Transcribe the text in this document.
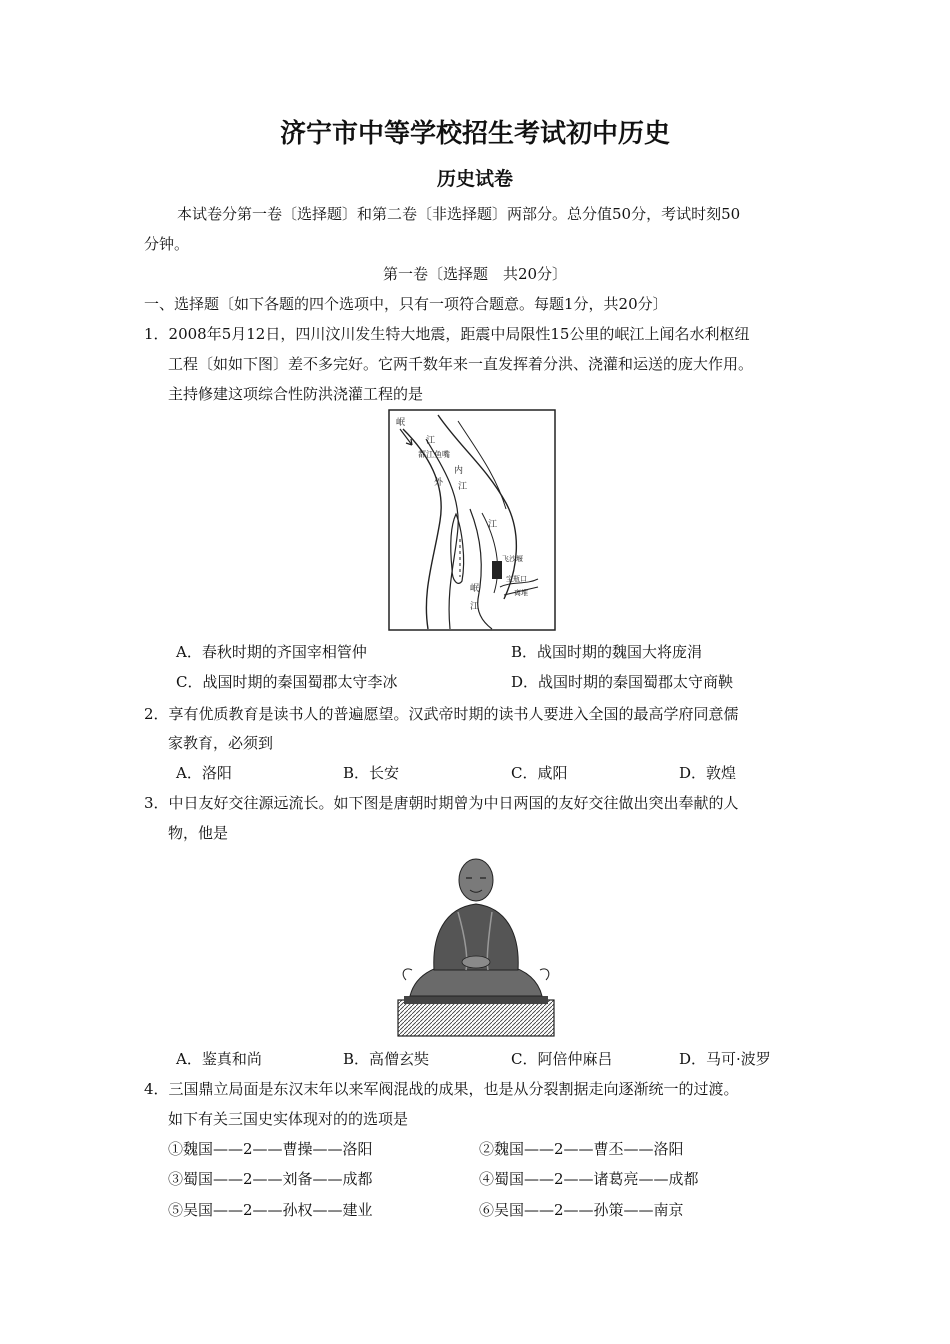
济宁市中等学校招生考试初中历史
历史试卷
本试卷分第一卷〔选择题〕和第二卷〔非选择题〕两部分。总分值50分，考试时刻50
分钟。
第一卷〔选择题　共20分〕
一、选择题〔如下各题的四个选项中，只有一项符合题意。每题1分，共20分〕
1．2008年5月12日，四川汶川发生特大地震，距震中局限性15公里的岷江上闻名水利枢纽
工程〔如如下图〕差不多完好。它两千数年来一直发挥着分洪、浇灌和运送的庞大作用。
主持修建这项综合性防洪浇灌工程的是
岷
江
都江鱼嘴
内
外 江
江
飞沙堰
宝瓶口
离堆
岷
江
A．春秋时期的齐国宰相管仲	B．战国时期的魏国大将庞涓
C．战国时期的秦国蜀郡太守李冰	D．战国时期的秦国蜀郡太守商鞅
2．享有优质教育是读书人的普遍愿望。汉武帝时期的读书人要进入全国的最高学府同意儒
家教育，必须到
A．洛阳	B．长安	C．咸阳	D．敦煌
3．中日友好交往源远流长。如下图是唐朝时期曾为中日两国的友好交往做出突出奉献的人
物，他是
A．鉴真和尚	B．高僧玄奘	C．阿倍仲麻吕	D．马可·波罗
4．三国鼎立局面是东汉末年以来军阀混战的成果，也是从分裂割据走向逐渐统一的过渡。
如下有关三国史实体现对的的选项是
①魏国——2——曹操——洛阳	②魏国——2——曹丕——洛阳
③蜀国——2——刘备——成都	④蜀国——2——诸葛亮——成都
⑤吴国——2——孙权——建业	⑥吴国——2——孙策——南京
